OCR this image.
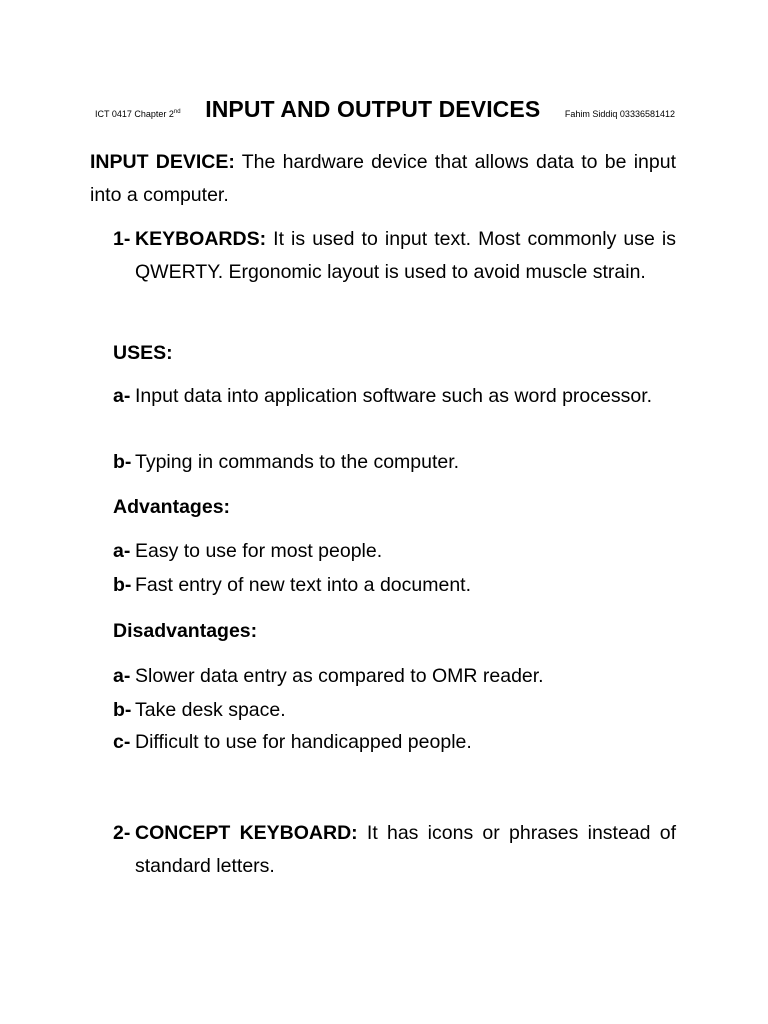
ICT 0417 Chapter 2nd INPUT AND OUTPUT DEVICES	Fahim Siddiq 03336581412
INPUT DEVICE: The hardware device that allows data to be input into a computer.
1- KEYBOARDS: It is used to input text. Most commonly use is QWERTY. Ergonomic layout is used to avoid muscle strain.
USES:
a- Input data into application software such as word processor.
b- Typing in commands to the computer.
Advantages:
a- Easy to use for most people.
b- Fast entry of new text into a document.
Disadvantages:
a- Slower data entry as compared to OMR reader.
b- Take desk space.
c- Difficult to use for handicapped people.
2- CONCEPT KEYBOARD: It has icons or phrases instead of standard letters.
